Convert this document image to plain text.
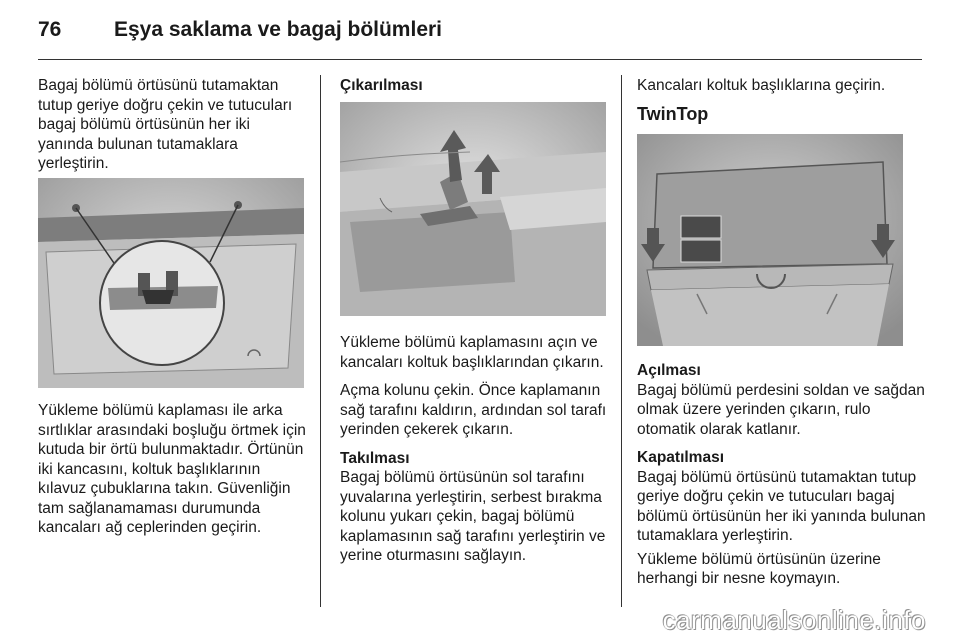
76	Eşya saklama ve bagaj bölümleri

Bagaj bölümü örtüsünü tutamaktan tutup geriye doğru çekin ve tutucuları bagaj bölümü örtüsünün her iki yanında bulunan tutamaklara yerleştirin.

Yükleme bölümü kaplaması ile arka sırtlıklar arasındaki boşluğu örtmek için kutuda bir örtü bulunmaktadır. Örtünün iki kancasını, koltuk başlıklarının kılavuz çubuklarına takın. Güvenliğin tam sağlanamaması durumunda kancaları ağ ceplerinden geçirin.

Çıkarılması

Yükleme bölümü kaplamasını açın ve kancaları koltuk başlıklarından çıkarın.

Açma kolunu çekin. Önce kaplamanın sağ tarafını kaldırın, ardından sol tarafı yerinden çekerek çıkarın.

Takılması

Bagaj bölümü örtüsünün sol tarafını yuvalarına yerleştirin, serbest bırakma kolunu yukarı çekin, bagaj bölümü kaplamasının sağ tarafını yerleştirin ve yerine oturmasını sağlayın.

Kancaları koltuk başlıklarına geçirin.

TwinTop
Açılması

Bagaj bölümü perdesini soldan ve sağdan olmak üzere yerinden çıkarın, rulo otomatik olarak katlanır.

Kapatılması

Bagaj bölümü örtüsünü tutamaktan tutup geriye doğru çekin ve tutucuları bagaj bölümü örtüsünün her iki yanında bulunan tutamaklara yerleştirin.

Yükleme bölümü örtüsünün üzerine herhangi bir nesne koymayın.

carmanualsonline.info
